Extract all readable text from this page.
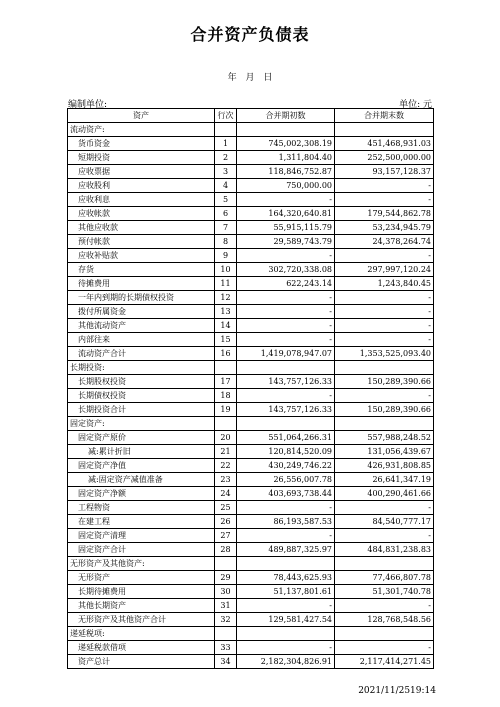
合并资产负债表
年 月 日
编制单位:	单位: 元
资产	行次	合并期初数	合并期末数
流动资产:			
货币资金	1	745,002,308.19	451,468,931.03
短期投资	2	1,311,804.40	252,500,000.00
应收票据	3	118,846,752.87	93,157,128.37
应收股利	4	750,000.00	-
应收利息	5	-	-
应收帐款	6	164,320,640.81	179,544,862.78
其他应收款	7	55,915,115.79	53,234,945.79
预付帐款	8	29,589,743.79	24,378,264.74
应收补贴款	9	-	-
存货	10	302,720,338.08	297,997,120.24
待摊费用	11	622,243.14	1,243,840.45
一年内到期的长期债权投资	12	-	-
拨付所属资金	13	-	-
其他流动资产	14	-	-
内部往来	15	-	-
流动资产合计	16	1,419,078,947.07	1,353,525,093.40
长期投资:			
长期股权投资	17	143,757,126.33	150,289,390.66
长期债权投资	18	-	-
长期投资合计	19	143,757,126.33	150,289,390.66
固定资产:			
固定资产原价	20	551,064,266.31	557,988,248.52
减:累计折旧	21	120,814,520.09	131,056,439.67
固定资产净值	22	430,249,746.22	426,931,808.85
减:固定资产减值准备	23	26,556,007.78	26,641,347.19
固定资产净额	24	403,693,738.44	400,290,461.66
工程物资	25	-	-
在建工程	26	86,193,587.53	84,540,777.17
固定资产清理	27	-	-
固定资产合计	28	489,887,325.97	484,831,238.83
无形资产及其他资产:			
无形资产	29	78,443,625.93	77,466,807.78
长期待摊费用	30	51,137,801.61	51,301,740.78
其他长期资产	31	-	-
无形资产及其他资产合计	32	129,581,427.54	128,768,548.56
递延税项:			
递延税款借项	33	-	-
资产总计	34	2,182,304,826.91	2,117,414,271.45
2021/11/2519:14
